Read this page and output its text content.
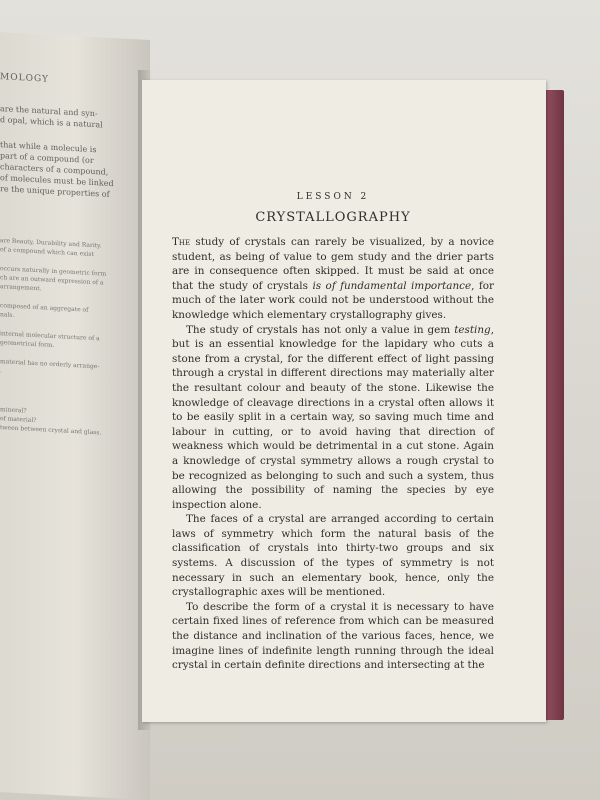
MOLOGY

are the natural and syn-
d opal, which is a natural

that while a molecule is
part of a compound (or
characters of a compound,
of molecules must be linked
re the unique properties of

are Beauty, Durability and Rarity.
of a compound which can exist

occurs naturally in geometric form
ch are an outward expression of a
arrangement.

composed of an aggregate of
nals.

internal molecular structure of a
geometrical form.

material has no orderly arrange-
.

mineral?
of material?
tween between crystal and glass.

LESSON 2
CRYSTALLOGRAPHY

The study of crystals can rarely be visualized, by a novice student, as being of value to gem study and the drier parts are in consequence often skipped. It must be said at once that the study of crystals is of fundamental importance, for much of the later work could not be understood without the knowledge which elementary crystallography gives.

The study of crystals has not only a value in gem testing, but is an essential knowledge for the lapidary who cuts a stone from a crystal, for the different effect of light passing through a crystal in different directions may materially alter the resultant colour and beauty of the stone. Likewise the knowledge of cleavage directions in a crystal often allows it to be easily split in a certain way, so saving much time and labour in cutting, or to avoid having that direction of weakness which would be detrimental in a cut stone. Again a knowledge of crystal symmetry allows a rough crystal to be recognized as belonging to such and such a system, thus allowing the possibility of naming the species by eye inspection alone.

The faces of a crystal are arranged according to certain laws of symmetry which form the natural basis of the classification of crystals into thirty-two groups and six systems. A discussion of the types of symmetry is not necessary in such an elementary book, hence, only the crystallographic axes will be mentioned.

To describe the form of a crystal it is necessary to have certain fixed lines of reference from which can be measured the distance and inclination of the various faces, hence, we imagine lines of indefinite length running through the ideal crystal in certain definite directions and intersecting at the
